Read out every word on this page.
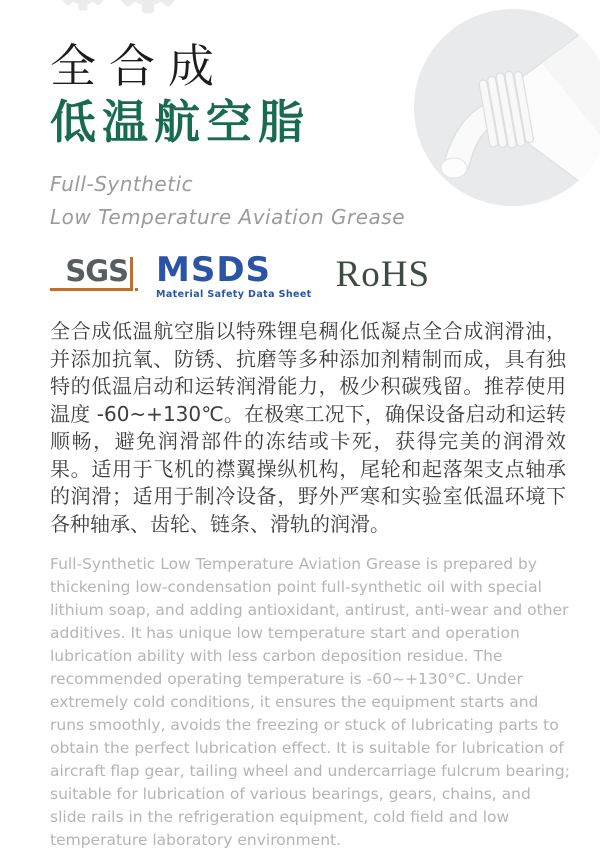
全合成
低温航空脂
Full-Synthetic
Low Temperature Aviation Grease
SGS MSDS
Material Safety Data Sheet RoHS
全合成低温航空脂以特殊锂皂稠化低凝点全合成润滑油，并添加抗氧、防锈、抗磨等多种添加剂精制而成，具有独特的低温启动和运转润滑能力，极少积碳残留。推荐使用温度 -60~+130℃。在极寒工况下，确保设备启动和运转顺畅，避免润滑部件的冻结或卡死，获得完美的润滑效果。适用于飞机的襟翼操纵机构，尾轮和起落架支点轴承的润滑；适用于制冷设备，野外严寒和实验室低温环境下各种轴承、齿轮、链条、滑轨的润滑。
Full-Synthetic Low Temperature Aviation Grease is prepared by thickening low-condensation point full-synthetic oil with special lithium soap, and adding antioxidant, antirust, anti-wear and other additives. It has unique low temperature start and operation lubrication ability with less carbon deposition residue. The recommended operating temperature is -60~+130°C. Under extremely cold conditions, it ensures the equipment starts and runs smoothly, avoids the freezing or stuck of lubricating parts to obtain the perfect lubrication effect. It is suitable for lubrication of aircraft flap gear, tailing wheel and undercarriage fulcrum bearing; suitable for lubrication of various bearings, gears, chains, and slide rails in the refrigeration equipment, cold field and low temperature laboratory environment.
